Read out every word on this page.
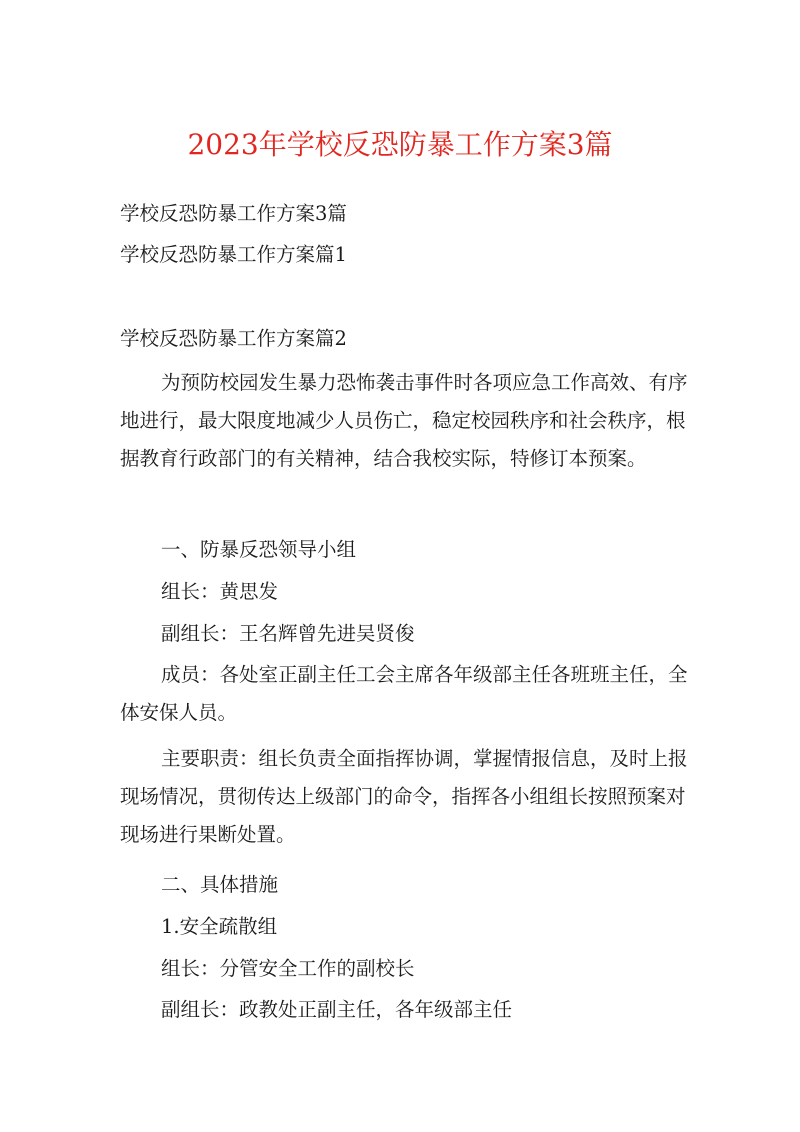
2023年学校反恐防暴工作方案3篇

学校反恐防暴工作方案3篇

学校反恐防暴工作方案篇1

学校反恐防暴工作方案篇2

为预防校园发生暴力恐怖袭击事件时各项应急工作高效、有序地进行，最大限度地减少人员伤亡，稳定校园秩序和社会秩序，根据教育行政部门的有关精神，结合我校实际，特修订本预案。

一、防暴反恐领导小组

组长：黄思发

副组长：王名辉曾先进吴贤俊

成员：各处室正副主任工会主席各年级部主任各班班主任，全体安保人员。

主要职责：组长负责全面指挥协调，掌握情报信息，及时上报现场情况，贯彻传达上级部门的命令，指挥各小组组长按照预案对现场进行果断处置。

二、具体措施

1.安全疏散组

组长：分管安全工作的副校长

副组长：政教处正副主任，各年级部主任
